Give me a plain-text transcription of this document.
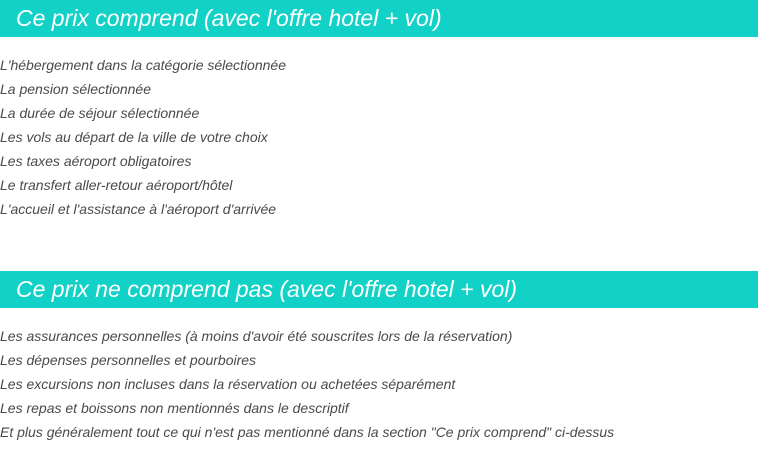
Ce prix comprend (avec l'offre hotel + vol)
L'hébergement dans la catégorie sélectionnée
La pension sélectionnée
La durée de séjour sélectionnée
Les vols au départ de la ville de votre choix
Les taxes aéroport obligatoires
Le transfert aller-retour aéroport/hôtel
L'accueil et l'assistance à l'aéroport d'arrivée
Ce prix ne comprend pas (avec l'offre hotel + vol)
Les assurances personnelles (à moins d'avoir été souscrites lors de la réservation)
Les dépenses personnelles et pourboires
Les excursions non incluses dans la réservation ou achetées séparément
Les repas et boissons non mentionnés dans le descriptif
Et plus généralement tout ce qui n'est pas mentionné dans la section "Ce prix comprend" ci-dessus
